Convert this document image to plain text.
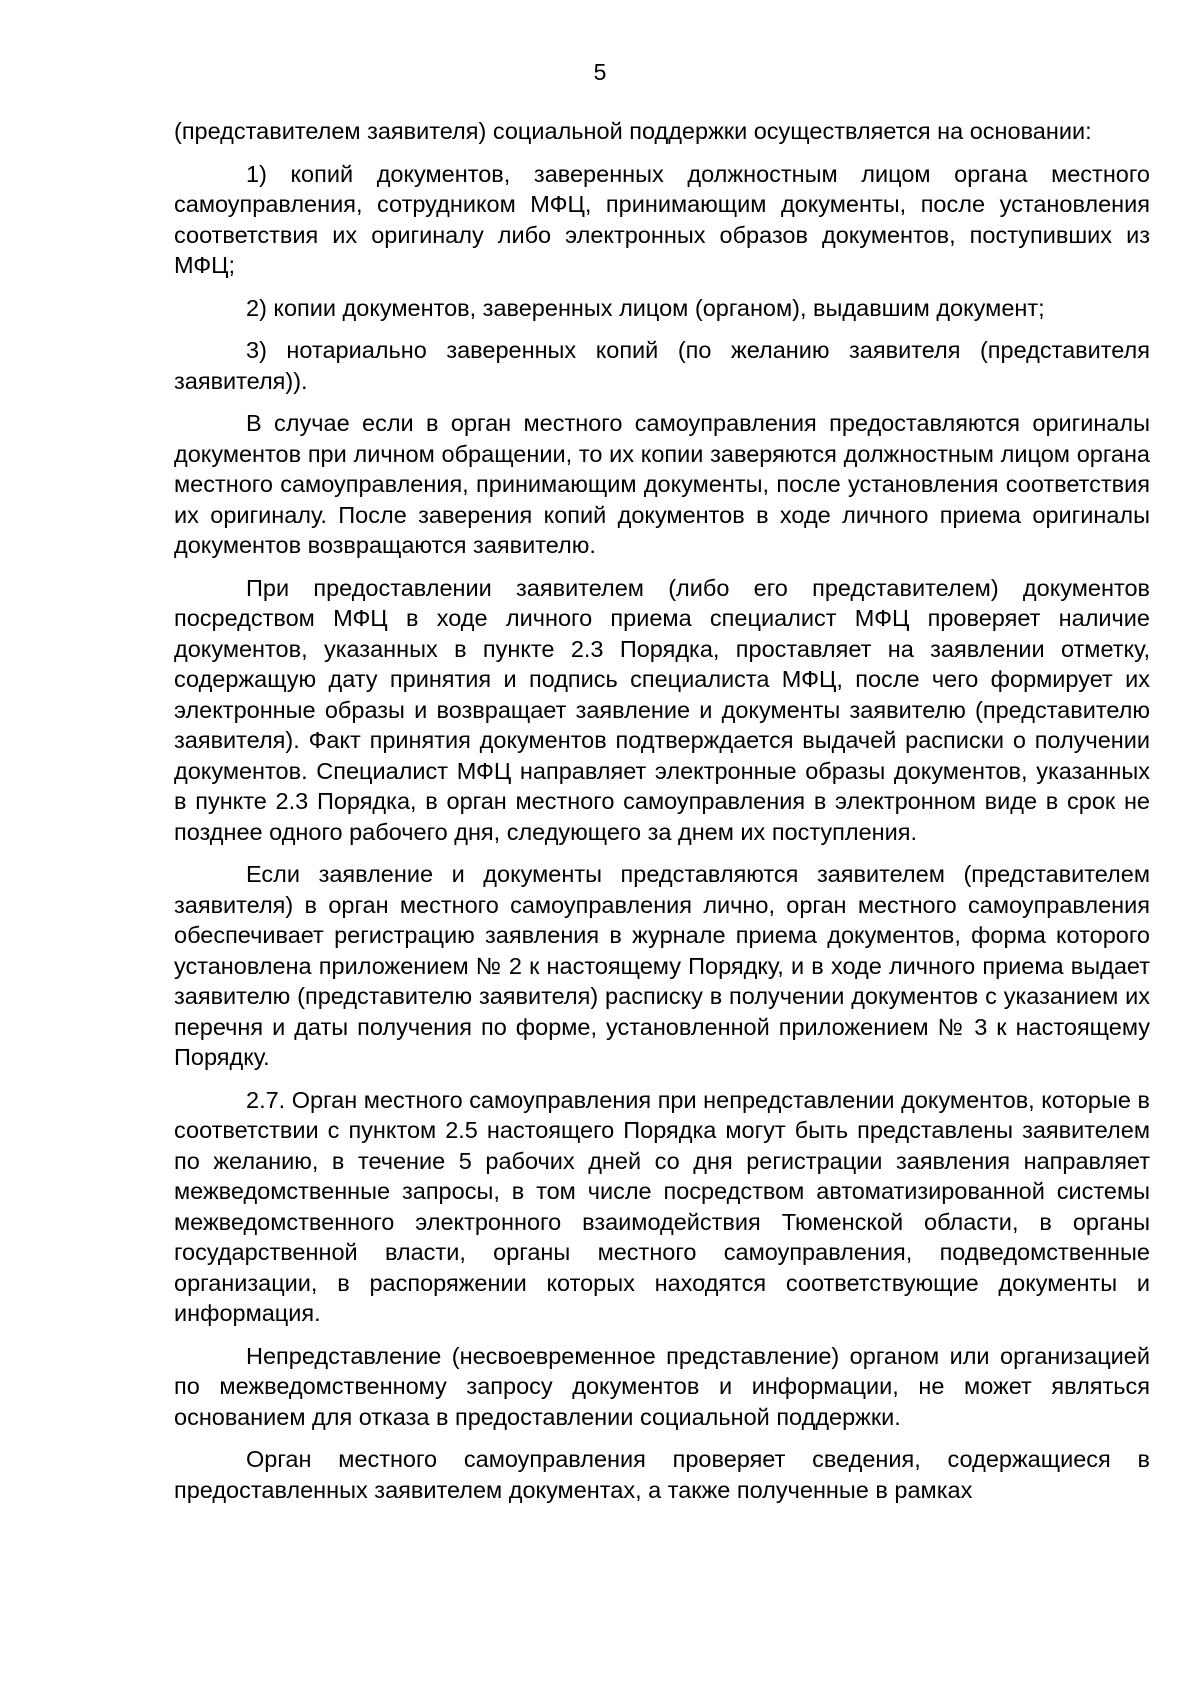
5

(представителем заявителя) социальной поддержки осуществляется на основании:

1) копий документов, заверенных должностным лицом органа местного самоуправления, сотрудником МФЦ, принимающим документы, после установления соответствия их оригиналу либо электронных образов документов, поступивших из МФЦ;

2) копии документов, заверенных лицом (органом), выдавшим документ;

3) нотариально заверенных копий (по желанию заявителя (представителя заявителя)).

В случае если в орган местного самоуправления предоставляются оригиналы документов при личном обращении, то их копии заверяются должностным лицом органа местного самоуправления, принимающим документы, после установления соответствия их оригиналу. После заверения копий документов в ходе личного приема оригиналы документов возвращаются заявителю.

При предоставлении заявителем (либо его представителем) документов посредством МФЦ в ходе личного приема специалист МФЦ проверяет наличие документов, указанных в пункте 2.3 Порядка, проставляет на заявлении отметку, содержащую дату принятия и подпись специалиста МФЦ, после чего формирует их электронные образы и возвращает заявление и документы заявителю (представителю заявителя). Факт принятия документов подтверждается выдачей расписки о получении документов. Специалист МФЦ направляет электронные образы документов, указанных в пункте 2.3 Порядка, в орган местного самоуправления в электронном виде в срок не позднее одного рабочего дня, следующего за днем их поступления.

Если заявление и документы представляются заявителем (представителем заявителя) в орган местного самоуправления лично, орган местного самоуправления обеспечивает регистрацию заявления в журнале приема документов, форма которого установлена приложением № 2 к настоящему Порядку, и в ходе личного приема выдает заявителю (представителю заявителя) расписку в получении документов с указанием их перечня и даты получения по форме, установленной приложением № 3 к настоящему Порядку.

2.7. Орган местного самоуправления при непредставлении документов, которые в соответствии с пунктом 2.5 настоящего Порядка могут быть представлены заявителем по желанию, в течение 5 рабочих дней со дня регистрации заявления направляет межведомственные запросы, в том числе посредством автоматизированной системы межведомственного электронного взаимодействия Тюменской области, в органы государственной власти, органы местного самоуправления, подведомственные организации, в распоряжении которых находятся соответствующие документы и информация.

Непредставление (несвоевременное представление) органом или организацией по межведомственному запросу документов и информации, не может являться основанием для отказа в предоставлении социальной поддержки.

Орган местного самоуправления проверяет сведения, содержащиеся в предоставленных заявителем документах, а также полученные в рамках
